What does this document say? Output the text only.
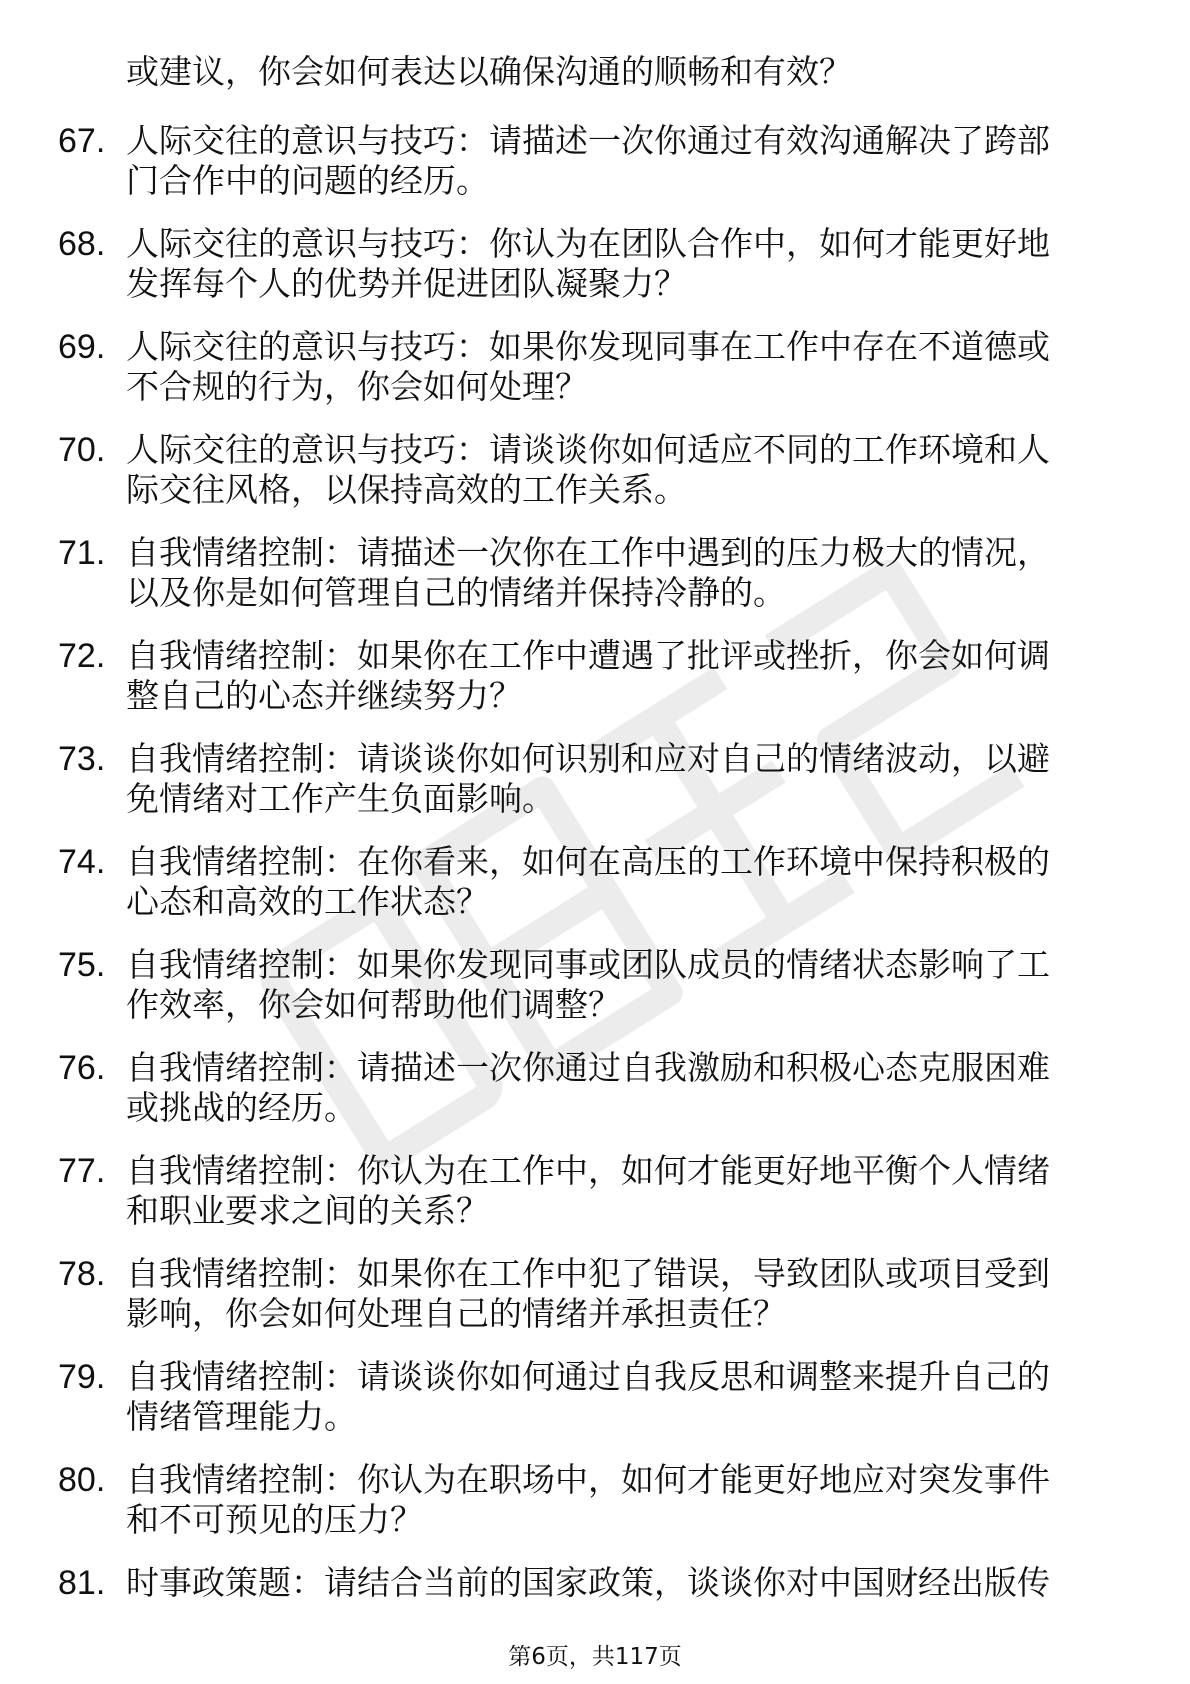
或建议，你会如何表达以确保沟通的顺畅和有效？
67. 人际交往的意识与技巧：请描述一次你通过有效沟通解决了跨部
门合作中的问题的经历。
68. 人际交往的意识与技巧：你认为在团队合作中，如何才能更好地
发挥每个人的优势并促进团队凝聚力？
69. 人际交往的意识与技巧：如果你发现同事在工作中存在不道德或
不合规的行为，你会如何处理？
70. 人际交往的意识与技巧：请谈谈你如何适应不同的工作环境和人
际交往风格，以保持高效的工作关系。
71. 自我情绪控制：请描述一次你在工作中遇到的压力极大的情况，
以及你是如何管理自己的情绪并保持冷静的。
72. 自我情绪控制：如果你在工作中遭遇了批评或挫折，你会如何调
整自己的心态并继续努力？
73. 自我情绪控制：请谈谈你如何识别和应对自己的情绪波动，以避
免情绪对工作产生负面影响。
74. 自我情绪控制：在你看来，如何在高压的工作环境中保持积极的
心态和高效的工作状态？
75. 自我情绪控制：如果你发现同事或团队成员的情绪状态影响了工
作效率，你会如何帮助他们调整？
76. 自我情绪控制：请描述一次你通过自我激励和积极心态克服困难
或挑战的经历。
77. 自我情绪控制：你认为在工作中，如何才能更好地平衡个人情绪
和职业要求之间的关系？
78. 自我情绪控制：如果你在工作中犯了错误，导致团队或项目受到
影响，你会如何处理自己的情绪并承担责任？
79. 自我情绪控制：请谈谈你如何通过自我反思和调整来提升自己的
情绪管理能力。
80. 自我情绪控制：你认为在职场中，如何才能更好地应对突发事件
和不可预见的压力？
81. 时事政策题：请结合当前的国家政策，谈谈你对中国财经出版传
第6页，共117页
